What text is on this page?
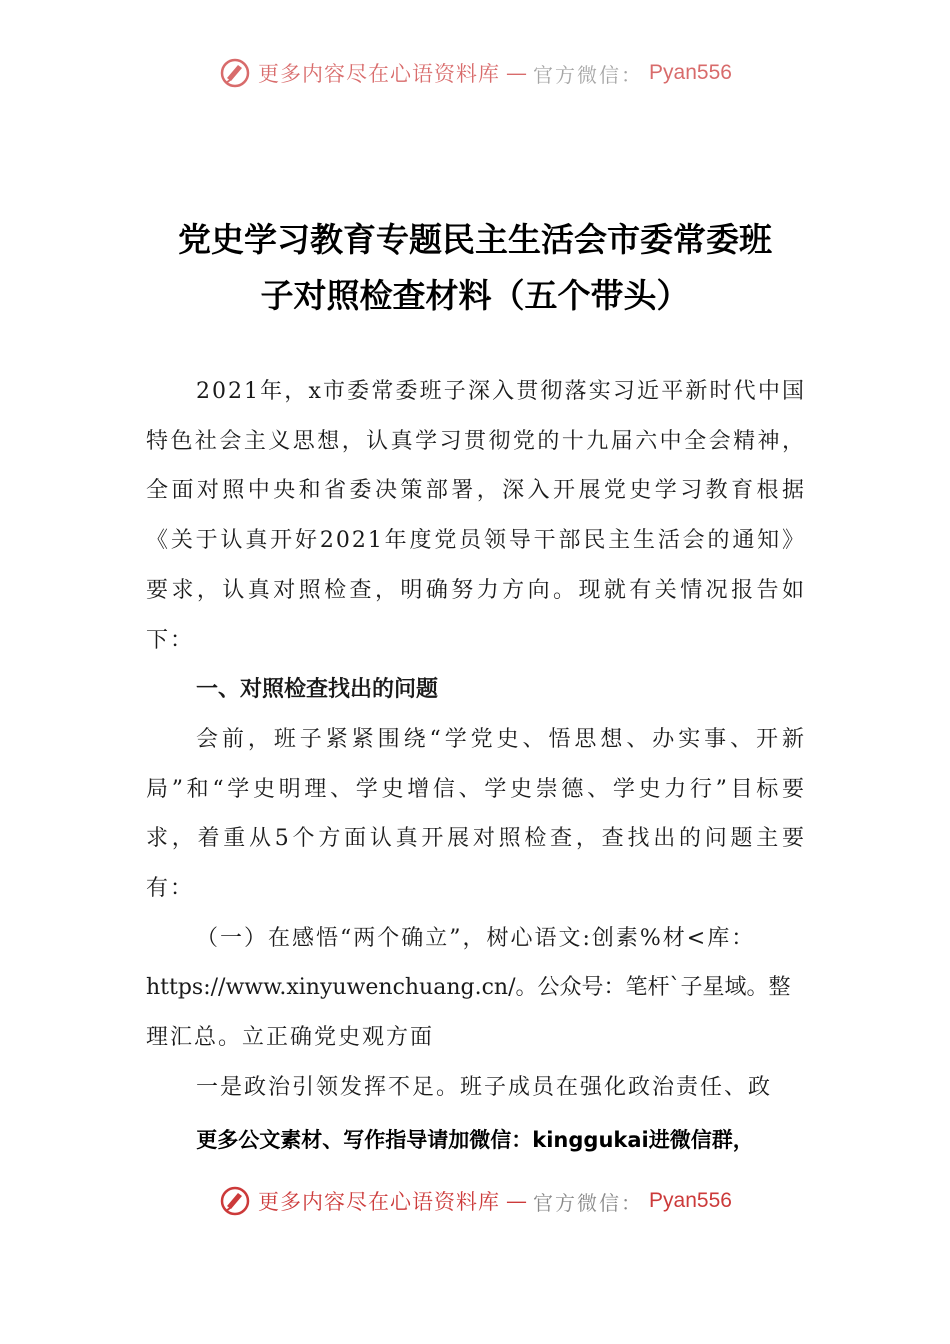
更多内容尽在心语资料库 — 官方微信： Pyan556
党史学习教育专题民主生活会市委常委班
子对照检查材料（五个带头）

2021年，x市委常委班子深入贯彻落实习近平新时代中国特色社会主义思想，认真学习贯彻党的十九届六中全会精神，全面对照中央和省委决策部署，深入开展党史学习教育根据《关于认真开好2021年度党员领导干部民主生活会的通知》要求，认真对照检查，明确努力方向。现就有关情况报告如下：

一、对照检查找出的问题

会前，班子紧紧围绕“学党史、悟思想、办实事、开新局”和“学史明理、学史增信、学史崇德、学史力行”目标要求，着重从5个方面认真开展对照检查，查找出的问题主要有：

（一）在感悟“两个确立”，树心语文:创素%材<库：

https://www.xinyuwenchuang.cn/。公众号：笔杆`子星域。整

理汇总。立正确党史观方面

一是政治引领发挥不足。班子成员在强化政治责任、政

更多公文素材、写作指导请加微信：kinggukai进微信群，
更多内容尽在心语资料库 — 官方微信： Pyan556
